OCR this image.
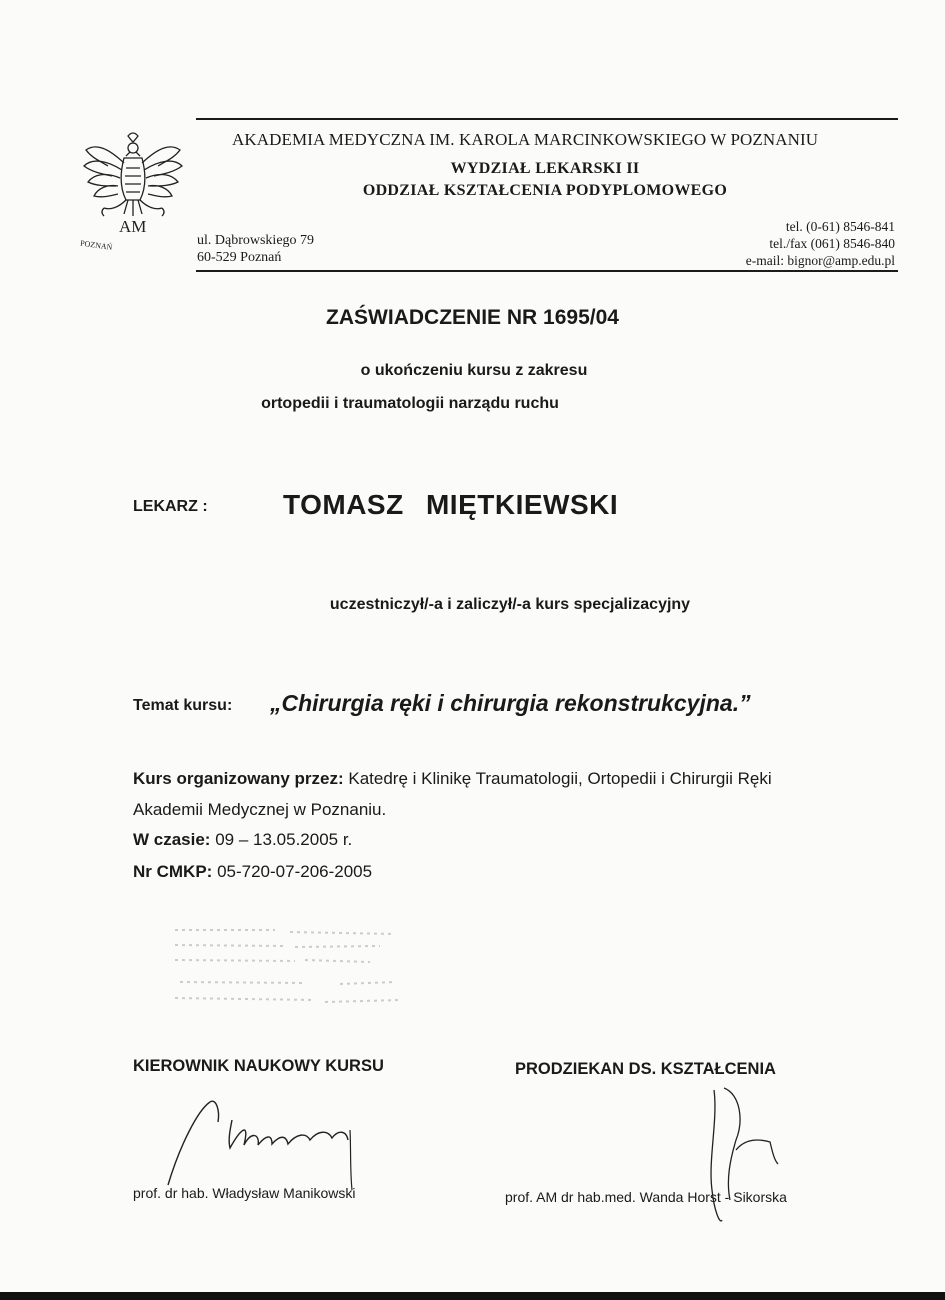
AM
POZNAŃ
AKADEMIA MEDYCZNA IM. KAROLA MARCINKOWSKIEGO W POZNANIU
WYDZIAŁ LEKARSKI II
ODDZIAŁ KSZTAŁCENIA PODYPLOMOWEGO
ul. Dąbrowskiego 79
60-529 Poznań
tel. (0-61) 8546-841
tel./fax (061) 8546-840
e-mail: bignor@amp.edu.pl
ZAŚWIADCZENIE NR 1695/04
o ukończeniu kursu z zakresu
ortopedii i traumatologii narządu ruchu
LEKARZ :	TOMASZ MIĘTKIEWSKI
uczestniczył/-a i zaliczył/-a kurs specjalizacyjny
Temat kursu: „Chirurgia ręki i chirurgia rekonstrukcyjna.”
Kurs organizowany przez: Katedrę i Klinikę Traumatologii, Ortopedii i Chirurgii Ręki
Akademii Medycznej w Poznaniu.
W czasie: 09 – 13.05.2005 r.
Nr CMKP: 05-720-07-206-2005
KIEROWNIK NAUKOWY KURSU	PRODZIEKAN DS. KSZTAŁCENIA
prof. dr hab. Władysław Manikowski	prof. AM dr hab.med. Wanda Horst - Sikorska
